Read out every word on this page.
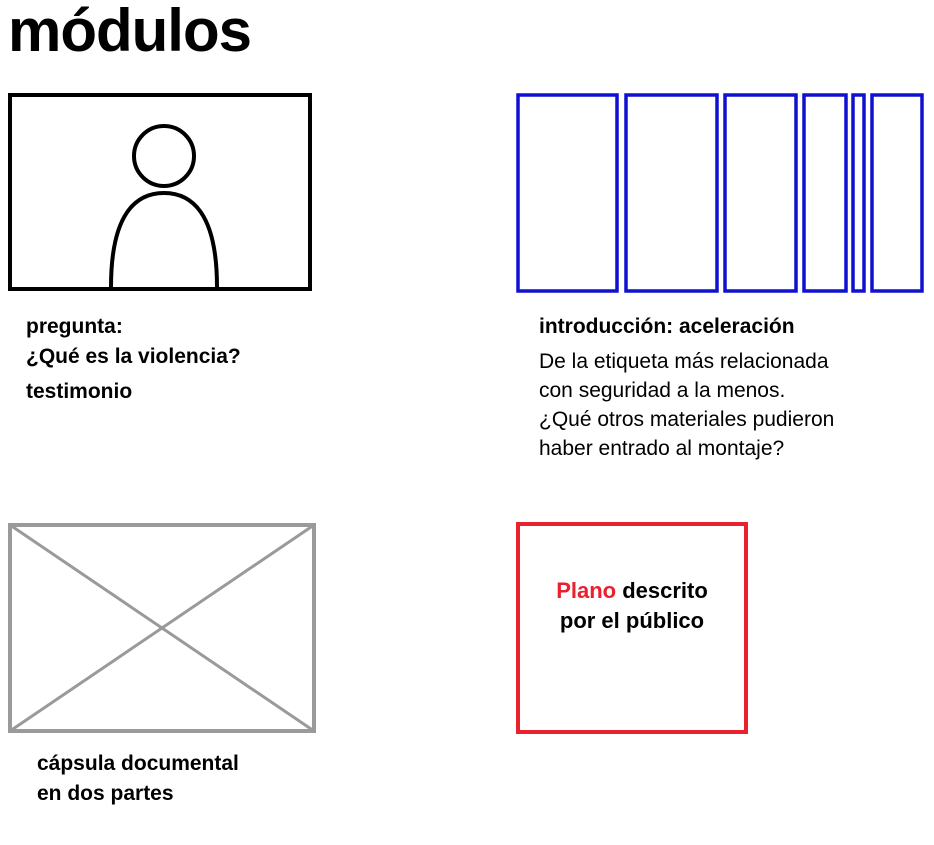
módulos
pregunta:
¿Qué es la violencia?
testimonio
introducción: aceleración
De la etiqueta más relacionada
con seguridad a la menos.
¿Qué otros materiales pudieron
haber entrado al montaje?
cápsula documental
en dos partes
Plano descrito
por el público
